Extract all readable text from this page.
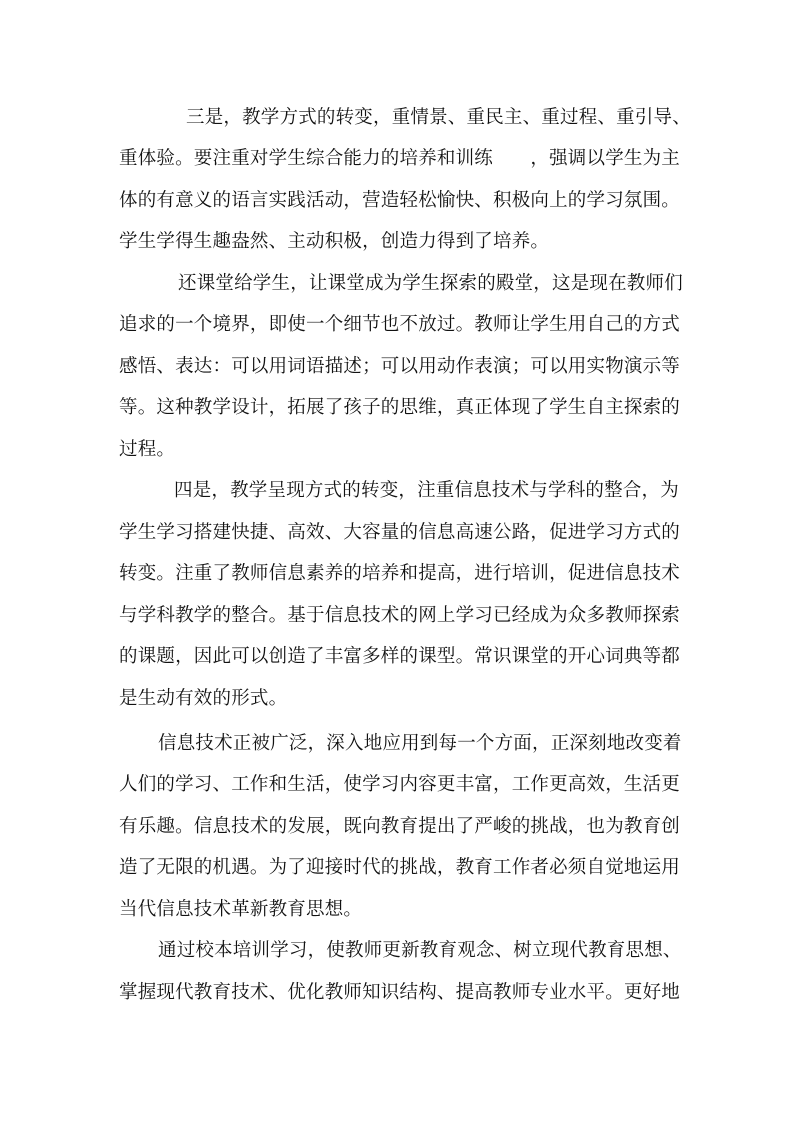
三是，教学方式的转变，重情景、重民主、重过程、重引导、
重体验。要注重对学生综合能力的培养和训练　　，强调以学生为主
体的有意义的语言实践活动，营造轻松愉快、积极向上的学习氛围。
学生学得生趣盎然、主动积极，创造力得到了培养。
还课堂给学生，让课堂成为学生探索的殿堂，这是现在教师们
追求的一个境界，即使一个细节也不放过。教师让学生用自己的方式
感悟、表达：可以用词语描述；可以用动作表演；可以用实物演示等
等。这种教学设计，拓展了孩子的思维，真正体现了学生自主探索的
过程。
四是，教学呈现方式的转变，注重信息技术与学科的整合，为
学生学习搭建快捷、高效、大容量的信息高速公路，促进学习方式的
转变。注重了教师信息素养的培养和提高，进行培训，促进信息技术
与学科教学的整合。基于信息技术的网上学习已经成为众多教师探索
的课题，因此可以创造了丰富多样的课型。常识课堂的开心词典等都
是生动有效的形式。
信息技术正被广泛，深入地应用到每一个方面，正深刻地改变着
人们的学习、工作和生活，使学习内容更丰富，工作更高效，生活更
有乐趣。信息技术的发展，既向教育提出了严峻的挑战，也为教育创
造了无限的机遇。为了迎接时代的挑战，教育工作者必须自觉地运用
当代信息技术革新教育思想。
通过校本培训学习，使教师更新教育观念、树立现代教育思想、
掌握现代教育技术、优化教师知识结构、提高教师专业水平。更好地
